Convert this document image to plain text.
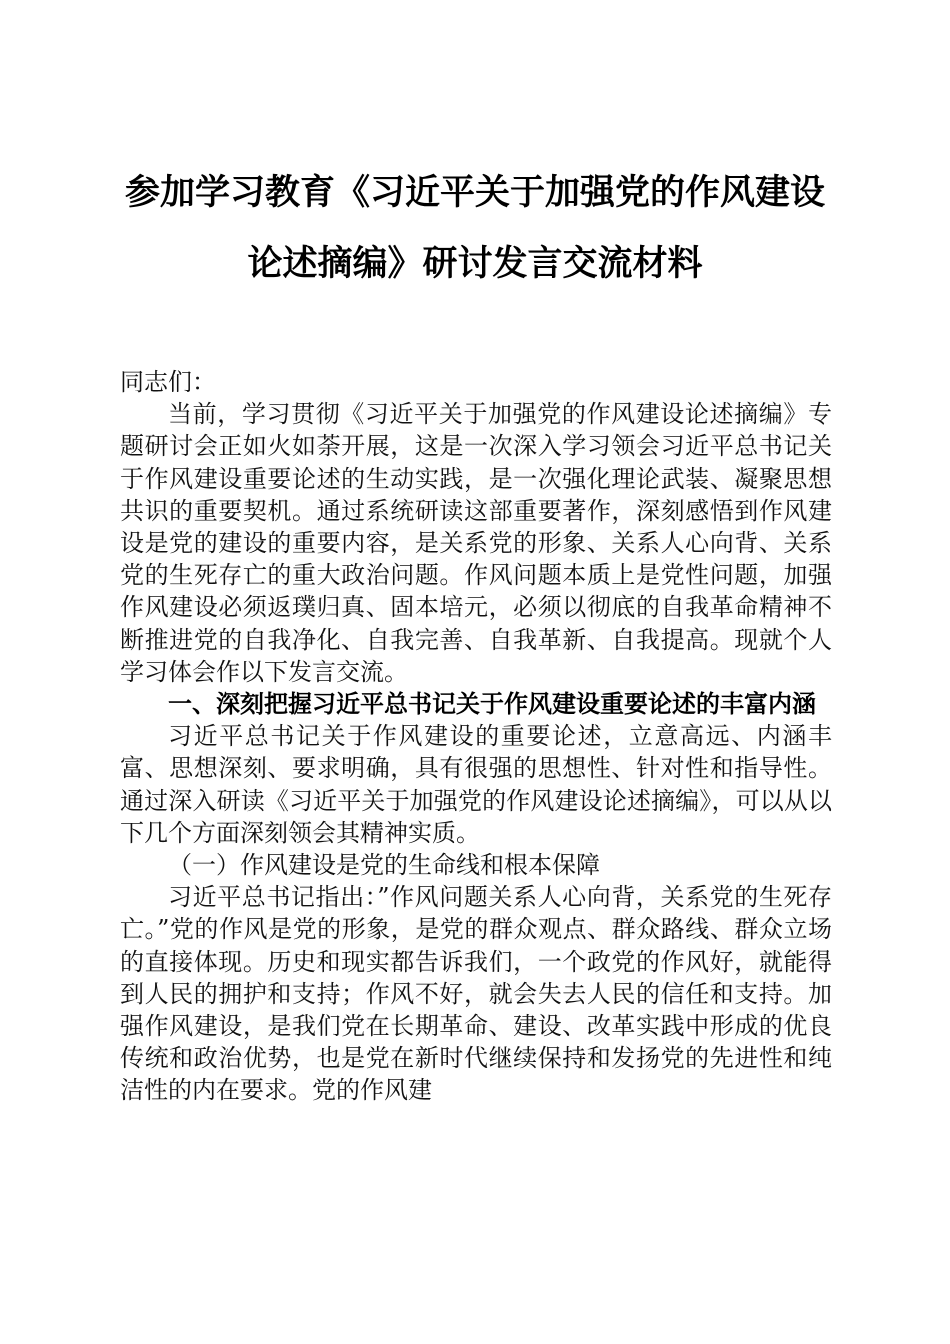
参加学习教育《习近平关于加强党的作风建设
论述摘编》研讨发言交流材料

同志们：

当前，学习贯彻《习近平关于加强党的作风建设论述摘编》专题研讨会正如火如荼开展，这是一次深入学习领会习近平总书记关于作风建设重要论述的生动实践，是一次强化理论武装、凝聚思想共识的重要契机。通过系统研读这部重要著作，深刻感悟到作风建设是党的建设的重要内容，是关系党的形象、关系人心向背、关系党的生死存亡的重大政治问题。作风问题本质上是党性问题，加强作风建设必须返璞归真、固本培元，必须以彻底的自我革命精神不断推进党的自我净化、自我完善、自我革新、自我提高。现就个人学习体会作以下发言交流。

一、深刻把握习近平总书记关于作风建设重要论述的丰富内涵

习近平总书记关于作风建设的重要论述，立意高远、内涵丰富、思想深刻、要求明确，具有很强的思想性、针对性和指导性。通过深入研读《习近平关于加强党的作风建设论述摘编》，可以从以下几个方面深刻领会其精神实质。

（一）作风建设是党的生命线和根本保障

习近平总书记指出：”作风问题关系人心向背，关系党的生死存亡。”党的作风是党的形象，是党的群众观点、群众路线、群众立场的直接体现。历史和现实都告诉我们，一个政党的作风好，就能得到人民的拥护和支持；作风不好，就会失去人民的信任和支持。加强作风建设，是我们党在长期革命、建设、改革实践中形成的优良传统和政治优势，也是党在新时代继续保持和发扬党的先进性和纯洁性的内在要求。党的作风建
